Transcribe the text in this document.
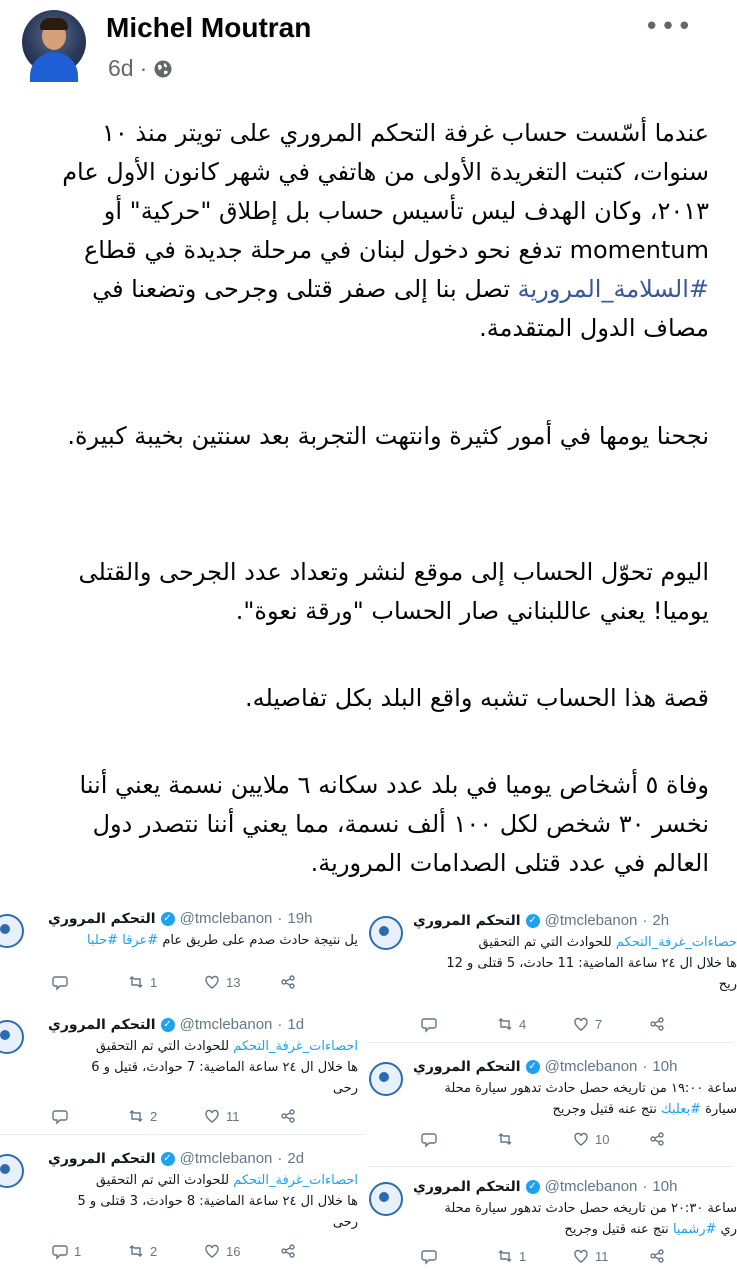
Michel Moutran
6d ·
•••

عندما أسّست حساب غرفة التحكم المروري على تويتر منذ ١٠ سنوات، كتبت التغريدة الأولى من هاتفي في شهر كانون الأول عام ٢٠١٣، وكان الهدف ليس تأسيس حساب بل إطلاق "حركية" أو momentum تدفع نحو دخول لبنان في مرحلة جديدة في قطاع #السلامة_المرورية تصل بنا إلى صفر قتلى وجرحى وتضعنا في مصاف الدول المتقدمة.

نجحنا يومها في أمور كثيرة وانتهت التجربة بعد سنتين بخيبة كبيرة.

اليوم تحوّل الحساب إلى موقع لنشر وتعداد عدد الجرحى والقتلى يوميا! يعني عاللبناني صار الحساب "ورقة نعوة".

قصة هذا الحساب تشبه واقع البلد بكل تفاصيله.

وفاة ٥ أشخاص يوميا في بلد عدد سكانه ٦ ملايين نسمة يعني أننا نخسر ٣٠ شخص لكل ١٠٠ ألف نسمة، مما يعني أننا نتصدر دول العالم في عدد قتلى الصدامات المرورية.

التحكم المروري ✓ @tmclebanon · 19h
يل نتيجة حادث صدم على طريق عام #عرقا #حلبا
1	13
التحكم المروري ✓ @tmclebanon · 1d
احصاءات_غرفة_التحكم للحوادث التي تم التحقيق
ها خلال ال ٢٤ ساعة الماضية: 7 حوادث، قتيل و 6
رحى
2	11
التحكم المروري ✓ @tmclebanon · 2d
احصاءات_غرفة_التحكم للحوادث التي تم التحقيق
ها خلال ال ٢٤ ساعة الماضية: 8 حوادث، 3 قتلى و 5
رحى
1	2	16
التحكم المروري ✓ @tmclebanon · 2h
حصاءات_غرفة_التحكم للحوادث التي تم التحقيق
ها خلال ال ٢٤ ساعة الماضية: 11 حادث، 5 قتلى و 12
ريح
4	7
التحكم المروري ✓ @tmclebanon · 10h
ساعة ١٩:٠٠ من تاريخه حصل حادث تدهور سيارة محلة
سيارة #بعلبك نتج عنه قتيل وجريح
10
التحكم المروري ✓ @tmclebanon · 10h
ساعة ٢٠:٣٠ من تاريخه حصل حادث تدهور سيارة محلة
ري #رشميا نتج عنه قتيل وجريح
1	11
